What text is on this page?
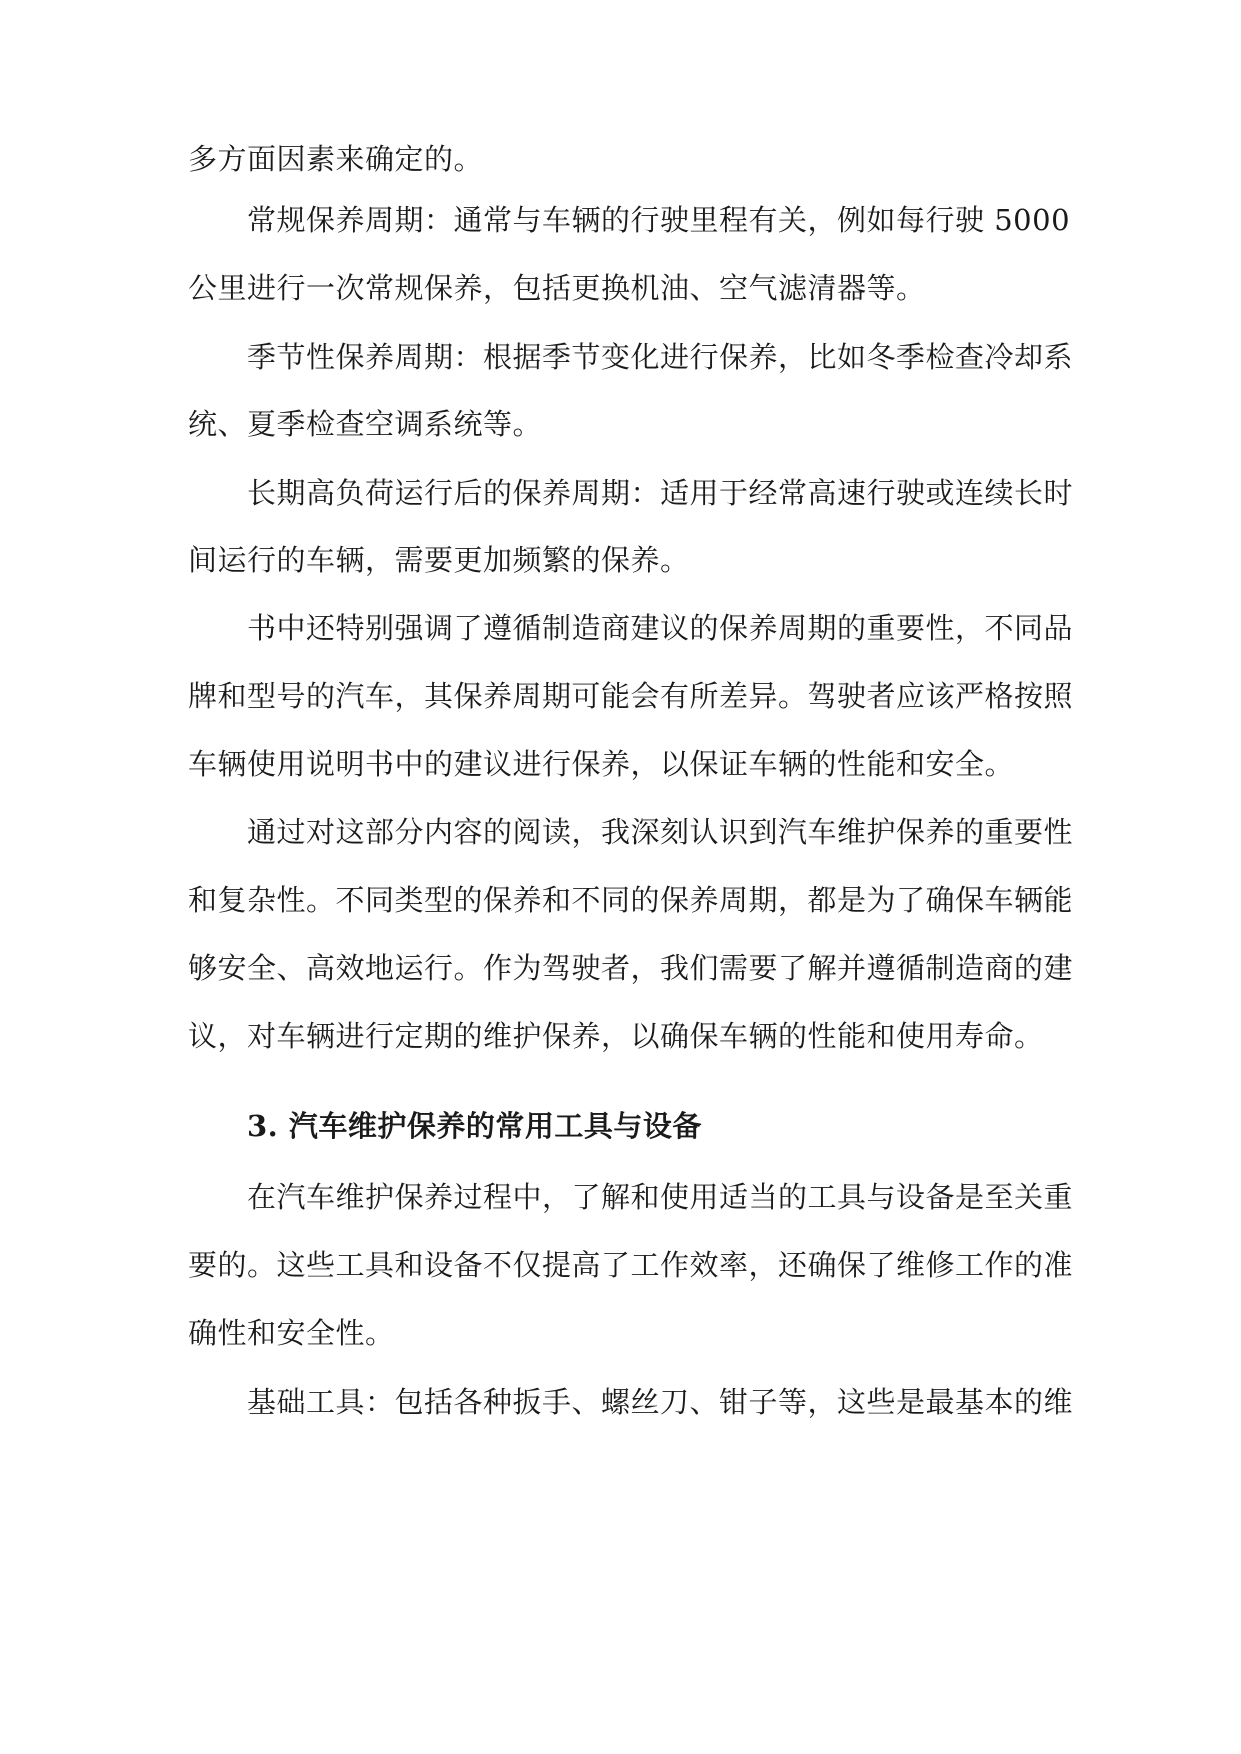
多方面因素来确定的。
常规保养周期：通常与车辆的行驶里程有关，例如每行驶 5000
公里进行一次常规保养，包括更换机油、空气滤清器等。
季节性保养周期：根据季节变化进行保养，比如冬季检查冷却系
统、夏季检查空调系统等。
长期高负荷运行后的保养周期：适用于经常高速行驶或连续长时
间运行的车辆，需要更加频繁的保养。
书中还特别强调了遵循制造商建议的保养周期的重要性，不同品
牌和型号的汽车，其保养周期可能会有所差异。驾驶者应该严格按照
车辆使用说明书中的建议进行保养，以保证车辆的性能和安全。
通过对这部分内容的阅读，我深刻认识到汽车维护保养的重要性
和复杂性。不同类型的保养和不同的保养周期，都是为了确保车辆能
够安全、高效地运行。作为驾驶者，我们需要了解并遵循制造商的建
议，对车辆进行定期的维护保养，以确保车辆的性能和使用寿命。
3. 汽车维护保养的常用工具与设备
在汽车维护保养过程中，了解和使用适当的工具与设备是至关重
要的。这些工具和设备不仅提高了工作效率，还确保了维修工作的准
确性和安全性。
基础工具：包括各种扳手、螺丝刀、钳子等，这些是最基本的维
